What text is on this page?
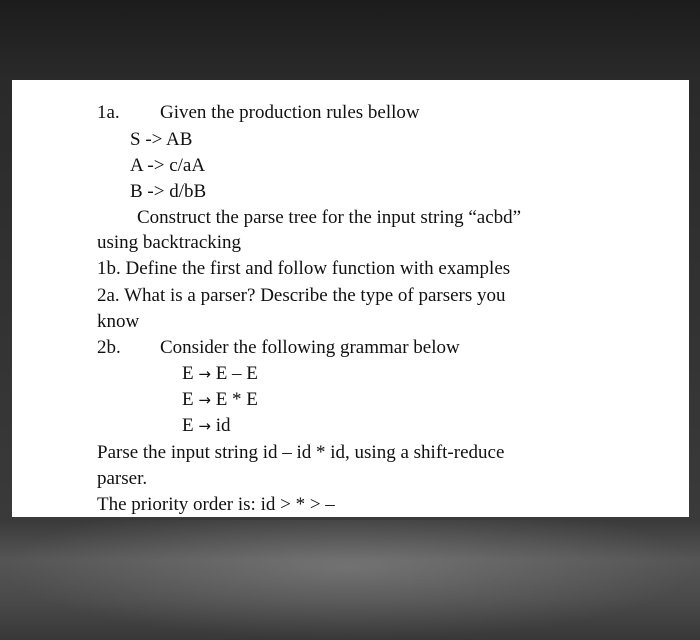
1a. Given the production rules bellow
S -> AB
A -> c/aA
B -> d/bB
Construct the parse tree for the input string “acbd”
using backtracking
1b. Define the first and follow function with examples
2a. What is a parser? Describe the type of parsers you
know
2b. Consider the following grammar below
E → E – E
E → E * E
E → id
Parse the input string id – id * id, using a shift-reduce
parser.
The priority order is: id > * > –
